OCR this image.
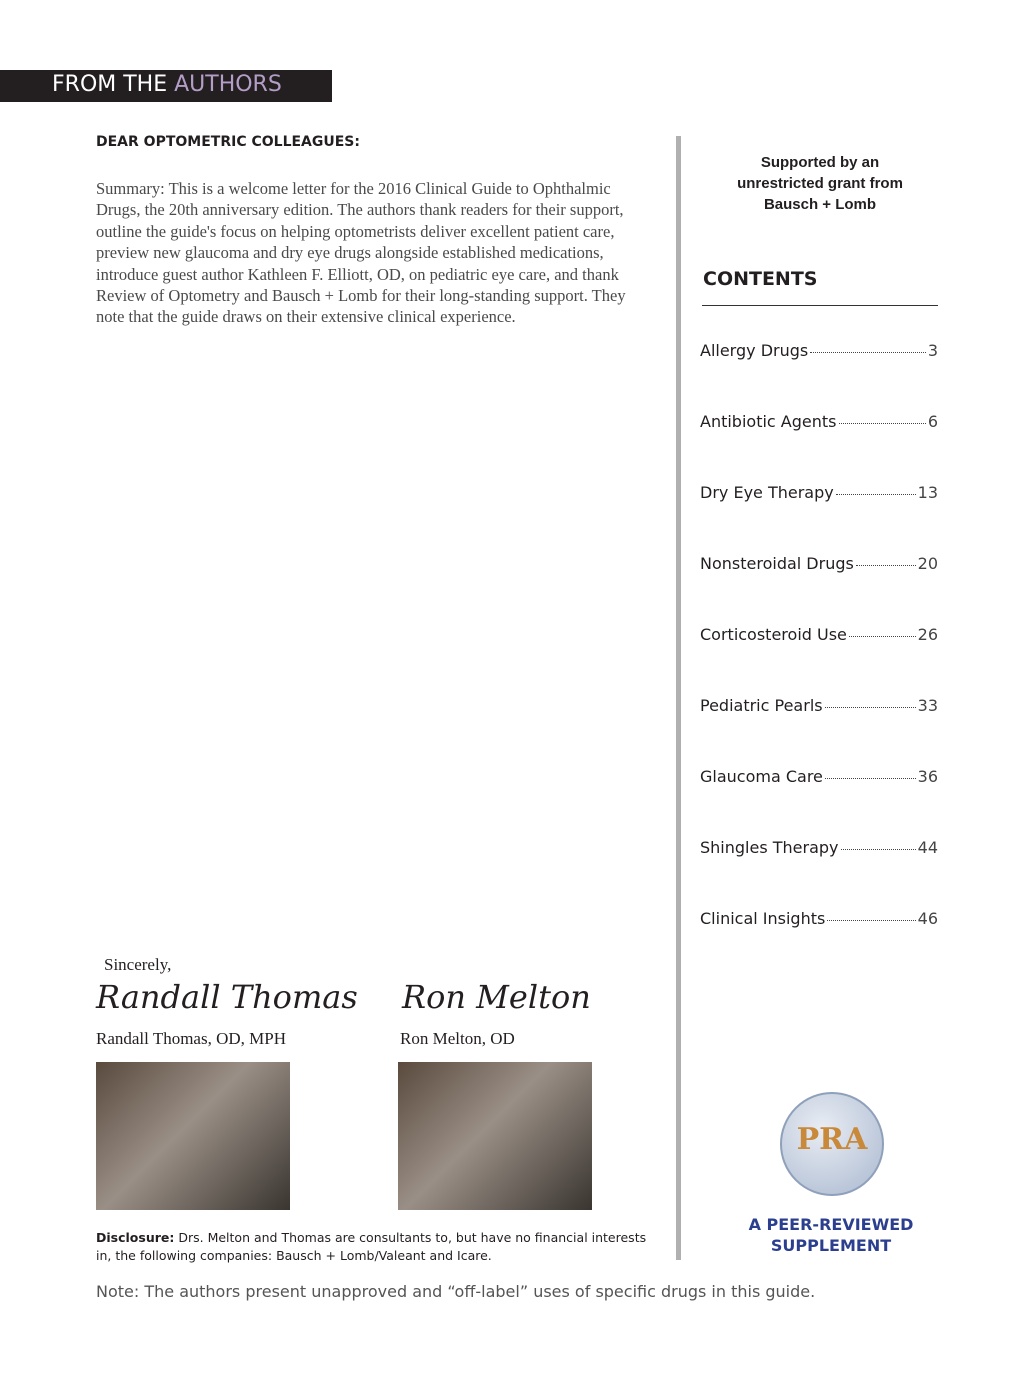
FROM THE AUTHORS
DEAR OPTOMETRIC COLLEAGUES:
Summary: This is a welcome letter for the 2016 Clinical Guide to Ophthalmic Drugs, the 20th anniversary edition. The authors thank readers for their support, outline the guide's focus on helping optometrists deliver excellent patient care, preview new glaucoma and dry eye drugs alongside established medications, introduce guest author Kathleen F. Elliott, OD, on pediatric eye care, and thank Review of Optometry and Bausch + Lomb for their long-standing support. They note that the guide draws on their extensive clinical experience.
Sincerely,
Randall Thomas Ron Melton
Randall Thomas, OD, MPH	Ron Melton, OD
Disclosure: Drs. Melton and Thomas are consultants to, but have no financial interests in, the following companies: Bausch + Lomb/Valeant and Icare.
Note: The authors present unapproved and “off-label” uses of specific drugs in this guide.
Supported by an
unrestricted grant from
Bausch + Lomb
CONTENTS
Allergy Drugs	3
Antibiotic Agents	6
Dry Eye Therapy	13
Nonsteroidal Drugs	20
Corticosteroid Use	26
Pediatric Pearls	33
Glaucoma Care	36
Shingles Therapy	44
Clinical Insights	46
PRA
A PEER-REVIEWED
SUPPLEMENT
